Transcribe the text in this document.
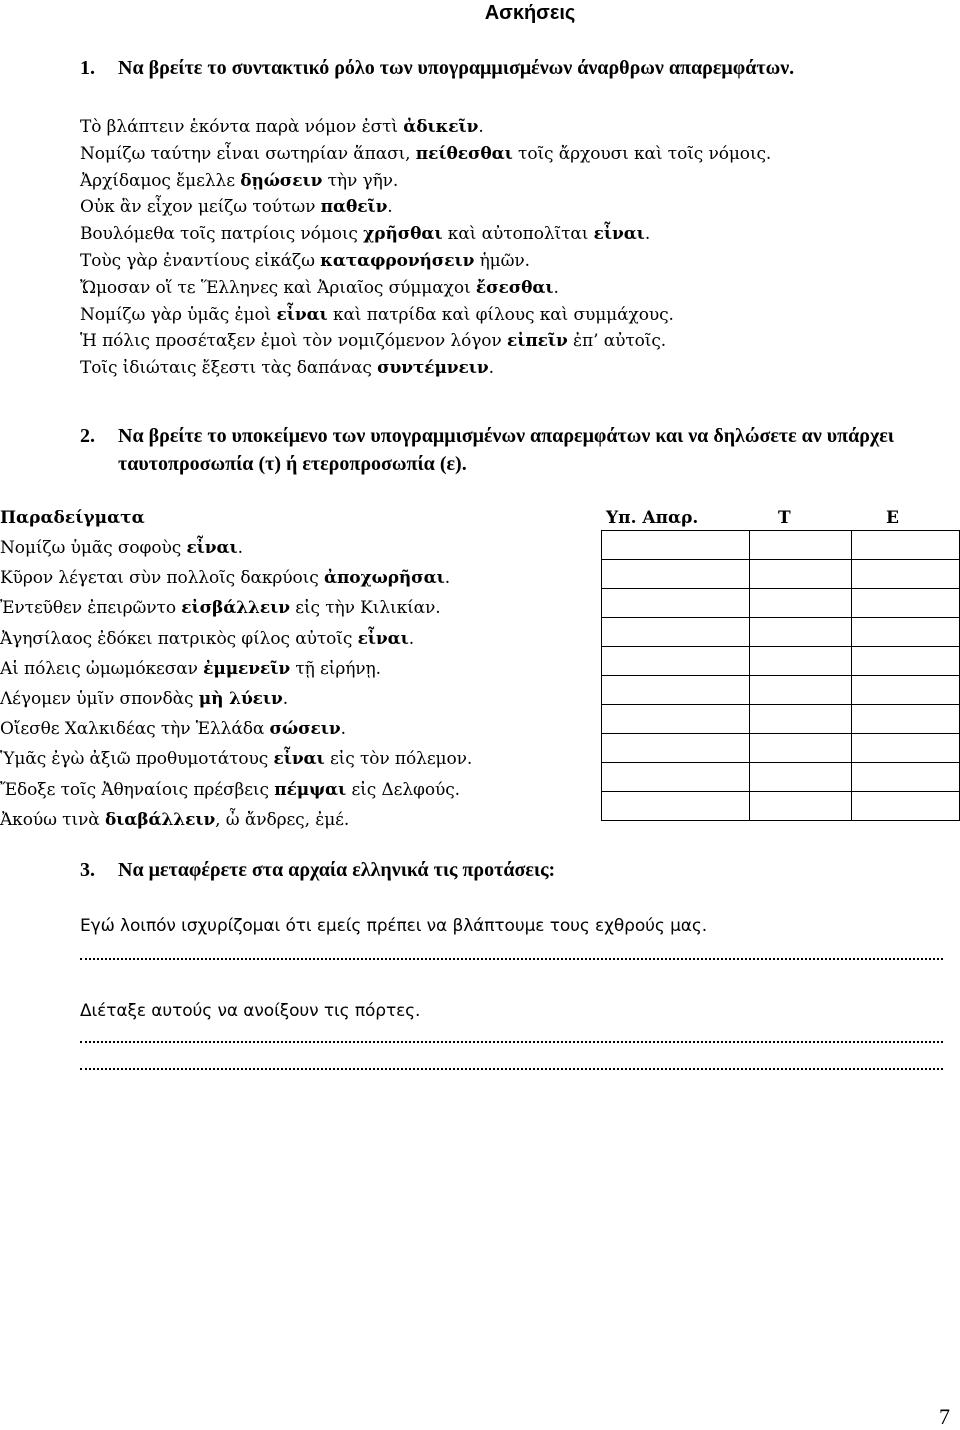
Ασκήσεις
1. Να βρείτε το συντακτικό ρόλο των υπογραμμισμένων άναρθρων απαρεμφάτων.
Τὸ βλάπτειν ἑκόντα παρὰ νόμον ἐστὶ ἀδικεῖν.
Νομίζω ταύτην εἶναι σωτηρίαν ἅπασι, πείθεσθαι τοῖς ἄρχουσι καὶ τοῖς νόμοις.
Ἀρχίδαμος ἔμελλε δῃώσειν τὴν γῆν.
Οὐκ ἂν εἶχον μείζω τούτων παθεῖν.
Βουλόμεθα τοῖς πατρίοις νόμοις χρῆσθαι καὶ αὐτοπολῖται εἶναι.
Τοὺς γὰρ ἐναντίους εἰκάζω καταφρονήσειν ἡμῶν.
Ὤμοσαν οἵ τε Ἕλληνες καὶ Ἀριαῖος σύμμαχοι ἔσεσθαι.
Νομίζω γὰρ ὑμᾶς ἐμοὶ εἶναι καὶ πατρίδα καὶ φίλους καὶ συμμάχους.
Ἡ πόλις προσέταξεν ἐμοὶ τὸν νομιζόμενον λόγον εἰπεῖν ἐπ’ αὐτοῖς.
Τοῖς ἰδιώταις ἔξεστι τὰς δαπάνας συντέμνειν.
2. Να βρείτε το υποκείμενο των υπογραμμισμένων απαρεμφάτων και να δηλώσετε αν υπάρχει ταυτοπροσωπία (τ) ή ετεροπροσωπία (ε).
Παραδείγματα	Υπ. Απαρ.	Τ	Ε
Νομίζω ὑμᾶς σοφοὺς εἶναι.
Κῦρον λέγεται σὺν πολλοῖς δακρύοις ἀποχωρῆσαι.
Ἐντεῦθεν ἐπειρῶντο εἰσβάλλειν εἰς τὴν Κιλικίαν.
Ἀγησίλαος ἐδόκει πατρικὸς φίλος αὐτοῖς εἶναι.
Αἱ πόλεις ὠμωμόκεσαν ἐμμενεῖν τῇ εἰρήνῃ.
Λέγομεν ὑμῖν σπονδὰς μὴ λύειν.
Οἴεσθε Χαλκιδέας τὴν Ἑλλάδα σώσειν.
Ὑμᾶς ἐγὼ ἀξιῶ προθυμοτάτους εἶναι εἰς τὸν πόλεμον.
Ἔδοξε τοῖς Ἀθηναίοις πρέσβεις πέμψαι εἰς Δελφούς.
Ἀκούω τινὰ διαβάλλειν, ὦ ἄνδρες, ἐμέ.

3. Να μεταφέρετε στα αρχαία ελληνικά τις προτάσεις:
Εγώ λοιπόν ισχυρίζομαι ότι εμείς πρέπει να βλάπτουμε τους εχθρούς μας.
Διέταξε αυτούς να ανοίξουν τις πόρτες.
7
